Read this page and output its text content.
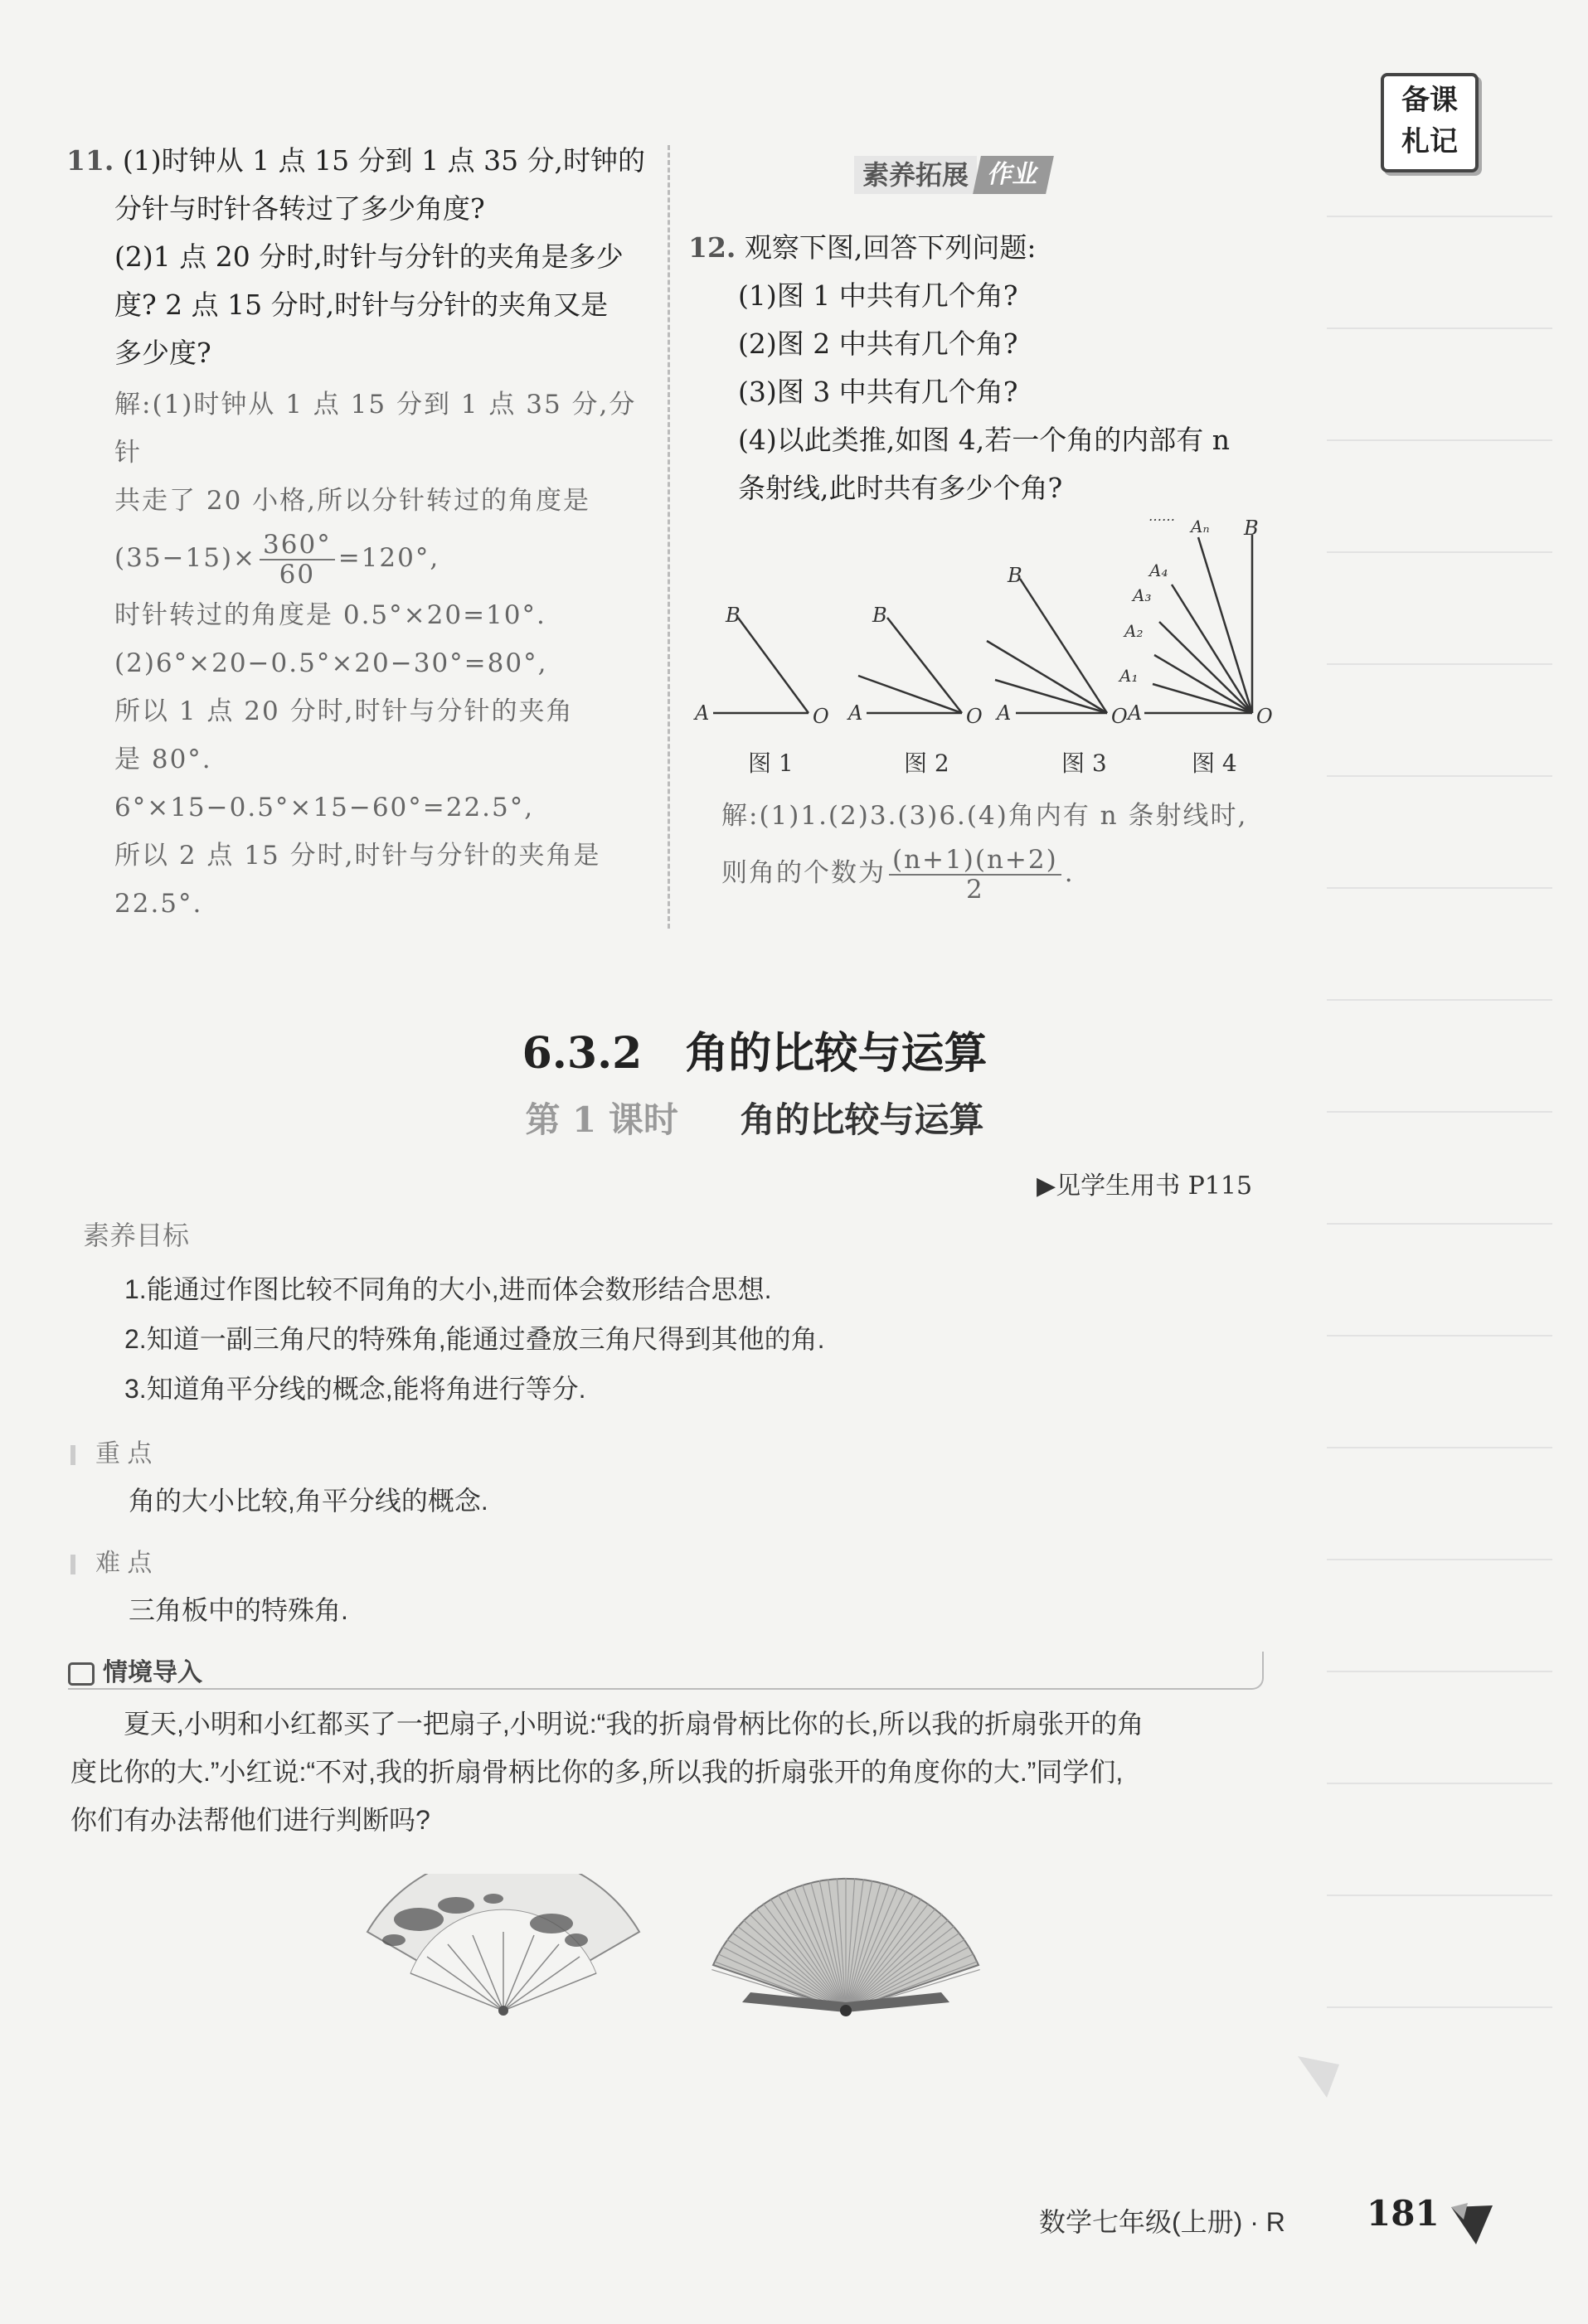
备课
札记
11. (1)时钟从 1 点 15 分到 1 点 35 分,时钟的
分针与时针各转过了多少角度?
(2)1 点 20 分时,时针与分针的夹角是多少
度? 2 点 15 分时,时针与分针的夹角又是
多少度?
解:(1)时钟从 1 点 15 分到 1 点 35 分,分针
共走了 20 小格,所以分针转过的角度是
$(35-15)\times \frac{360^\circ}{60} =120^\circ$,
时针转过的角度是 0.5°×20=10°.
(2)6°×20−0.5°×20−30°=80°,
所以 1 点 20 分时,时针与分针的夹角
是 80°.
6°×15−0.5°×15−60°=22.5°,
所以 2 点 15 分时,时针与分针的夹角是
22.5°.
素养拓展 作业
12. 观察下图,回答下列问题:
(1)图 1 中共有几个角?
(2)图 2 中共有几个角?
(3)图 3 中共有几个角?
(4)以此类推,如图 4,若一个角的内部有 n
条射线,此时共有多少个角?
A	O
B
A	O
B
A	O
B
A	O
B
Aₙ
……
A₄
A₃
A₂
A₁
图 1	图 2	图 3	图 4
解:(1)1.(2)3.(3)6.(4)角内有 n 条射线时,
则角的个数为 $\frac{(n+1)(n+2)}{2}$ .
6.3.2　角的比较与运算
第 1 课时 角的比较与运算
▶见学生用书 P115
素养目标
1.能通过作图比较不同角的大小,进而体会数形结合思想.
2.知道一副三角尺的特殊角,能通过叠放三角尺得到其他的角.
3.知道角平分线的概念,能将角进行等分.
重 点
角的大小比较,角平分线的概念.
难 点
三角板中的特殊角.
情境导入
夏天,小明和小红都买了一把扇子,小明说:“我的折扇骨柄比你的长,所以我的折扇张开的角
度比你的大.”小红说:“不对,我的折扇骨柄比你的多,所以我的折扇张开的角度你的大.”同学们,
你们有办法帮他们进行判断吗?
数学七年级(上册) · R 181
